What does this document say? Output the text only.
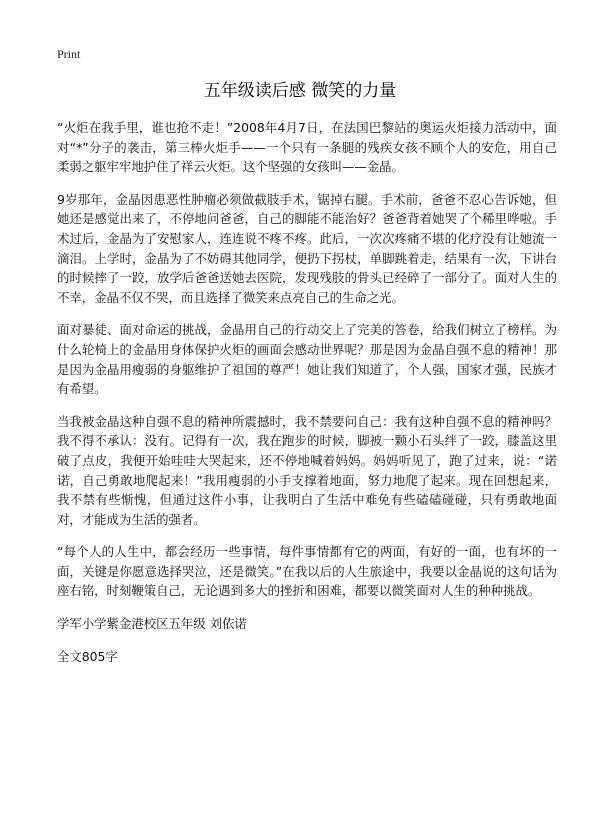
Print
五年级读后感 微笑的力量

“火炬在我手里，谁也抢不走！”2008年4月7日，在法国巴黎站的奥运火炬接力活动中，面对“*”分子的袭击，第三棒火炬手——一个只有一条腿的残疾女孩不顾个人的安危，用自己柔弱之躯牢牢地护住了祥云火炬。这个坚强的女孩叫——金晶。

9岁那年，金晶因患恶性肿瘤必须做截肢手术，锯掉右腿。手术前，爸爸不忍心告诉她，但她还是感觉出来了，不停地问爸爸，自己的脚能不能治好？爸爸背着她哭了个稀里哗啦。手术过后，金晶为了安慰家人，连连说不疼不疼。此后，一次次疼痛不堪的化疗没有让她流一滴泪。上学时，金晶为了不妨碍其他同学，便扔下拐杖，单脚跳着走，结果有一次，下讲台的时候摔了一跤，放学后爸爸送她去医院，发现残肢的骨头已经碎了一部分了。面对人生的不幸，金晶不仅不哭，而且选择了微笑来点亮自己的生命之光。

面对暴徒、面对命运的挑战，金晶用自己的行动交上了完美的答卷，给我们树立了榜样。为什么轮椅上的金晶用身体保护火炬的画面会感动世界呢？那是因为金晶自强不息的精神！那是因为金晶用瘦弱的身躯维护了祖国的尊严！她让我们知道了，个人强，国家才强，民族才有希望。

当我被金晶这种自强不息的精神所震撼时，我不禁要问自己：我有这种自强不息的精神吗？我不得不承认：没有。记得有一次，我在跑步的时候，脚被一颗小石头绊了一跤，膝盖这里破了点皮，我便开始哇哇大哭起来，还不停地喊着妈妈。妈妈听见了，跑了过来，说：“诺诺，自己勇敢地爬起来！”我用瘦弱的小手支撑着地面，努力地爬了起来。现在回想起来，我不禁有些惭愧，但通过这件小事，让我明白了生活中难免有些磕磕碰碰，只有勇敢地面对，才能成为生活的强者。

“每个人的人生中，都会经历一些事情，每件事情都有它的两面，有好的一面，也有坏的一面，关键是你愿意选择哭泣，还是微笑。”在我以后的人生旅途中，我要以金晶说的这句话为座右铭，时刻鞭策自己，无论遇到多大的挫折和困难，都要以微笑面对人生的种种挑战。

学军小学紫金港校区五年级 刘依诺

全文805字
